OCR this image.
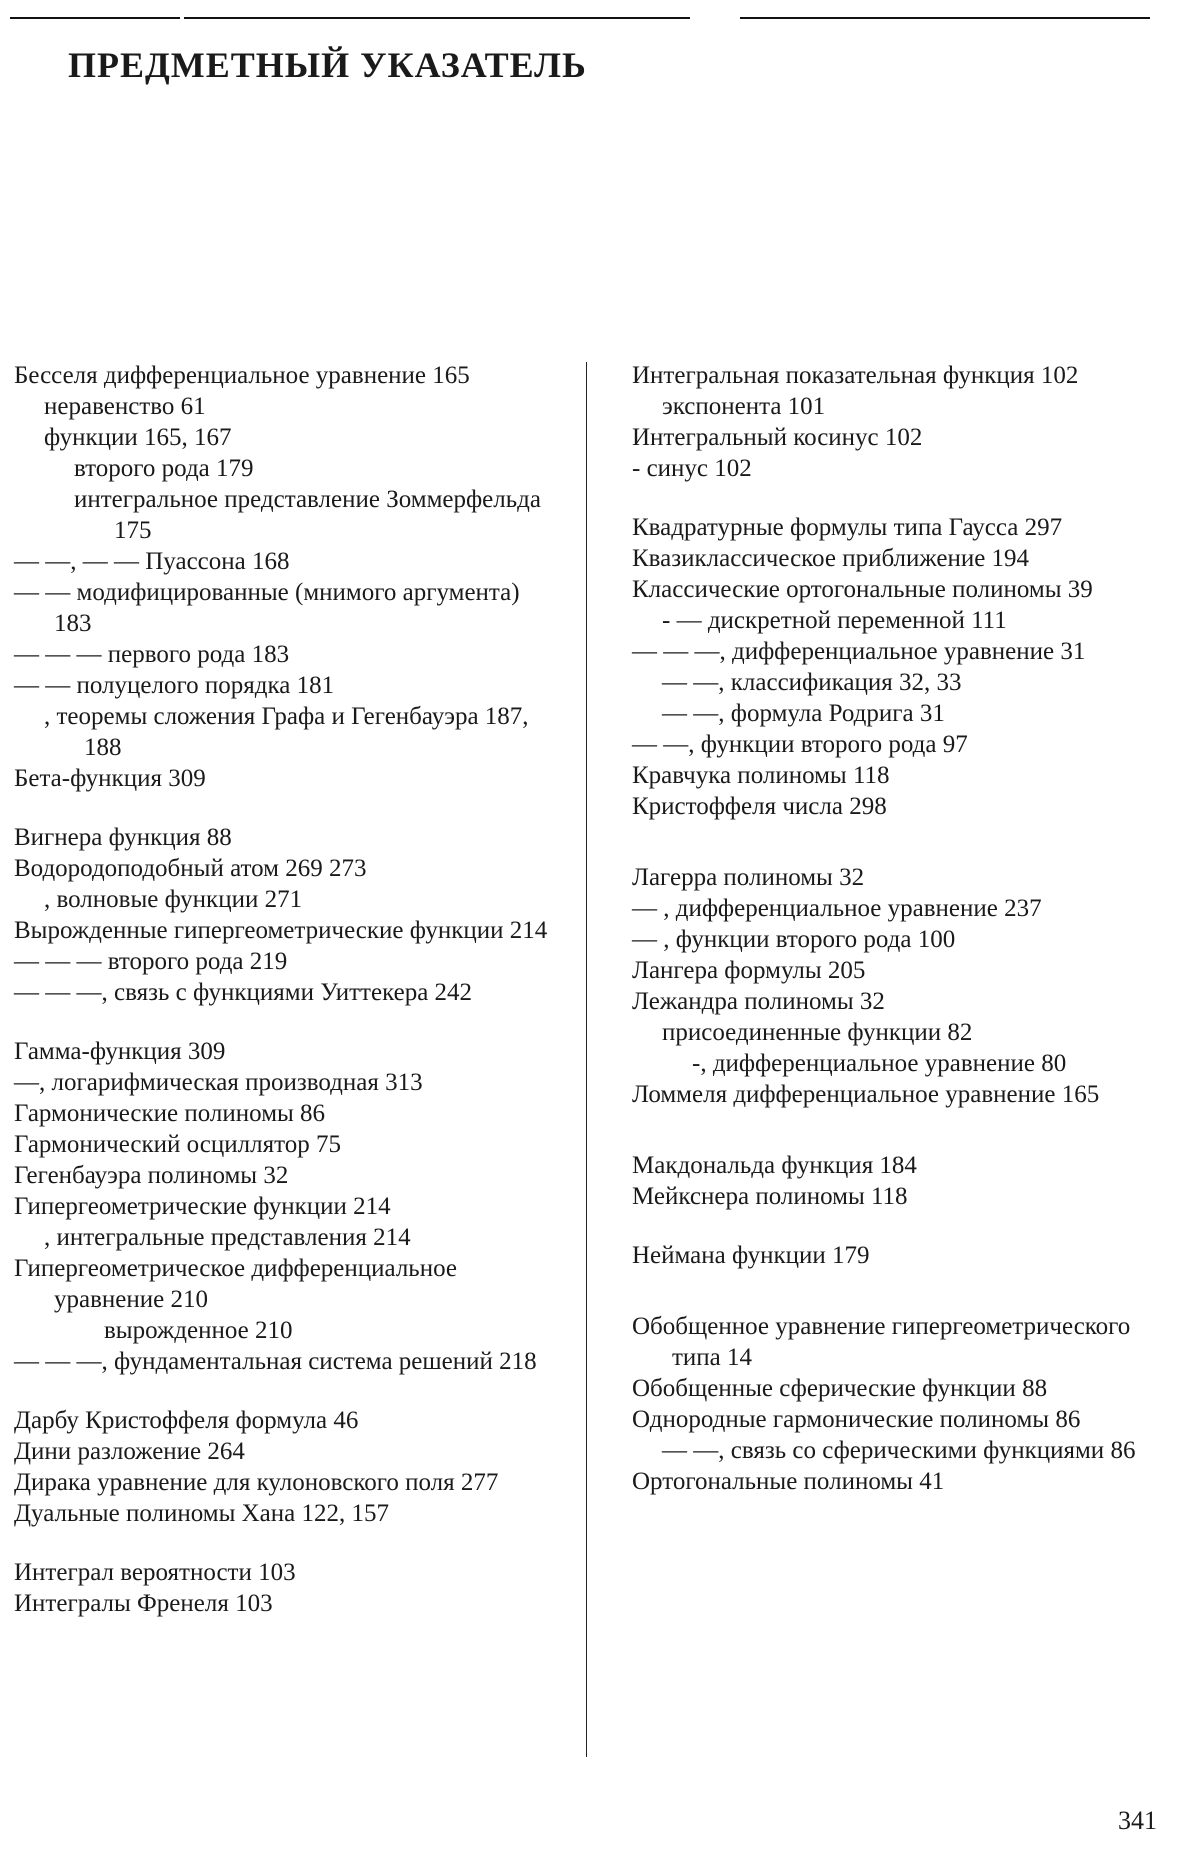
ПРЕДМЕТНЫЙ УКАЗАТЕЛЬ

Бесселя дифференциальное уравнение 165

неравенство 61

функции 165, 167

второго рода 179

интегральное представление Зоммерфельда 175

— —, — — Пуассона 168

— — модифицированные (мнимого аргумента) 183

— — — первого рода 183

— — полуцелого порядка 181

, теоремы сложения Графа и Гегенбауэра 187, 188

Бета-функция 309

Вигнера функция 88

Водородоподобный атом 269 273

, волновые функции 271

Вырожденные гипергеометрические функции 214

— — — второго рода 219

— — —, связь с функциями Уиттекера 242

Гамма-функция 309

—, логарифмическая производная 313

Гармонические полиномы 86

Гармонический осциллятор 75

Гегенбауэра полиномы 32

Гипергеометрические функции 214

, интегральные представления 214

Гипергеометрическое дифференциальное уравнение 210

вырожденное 210

— — —, фундаментальная система решений 218

Дарбу Кристоффеля формула 46

Дини разложение 264

Дирака уравнение для кулоновского поля 277

Дуальные полиномы Хана 122, 157

Интеграл вероятности 103

Интегралы Френеля 103

Интегральная показательная функция 102

экспонента 101

Интегральный косинус 102

- синус 102

Квадратурные формулы типа Гаусса 297

Квазиклассическое приближение 194

Классические ортогональные полиномы 39

- — дискретной переменной 111

— — —, дифференциальное уравнение 31

— —, классификация 32, 33

— —, формула Родрига 31

— —, функции второго рода 97

Кравчука полиномы 118

Кристоффеля числа 298

Лагерра полиномы 32

— , дифференциальное уравнение 237

— , функции второго рода 100

Лангера формулы 205

Лежандра полиномы 32

присоединенные функции 82

-, дифференциальное уравнение 80

Ломмеля дифференциальное уравнение 165

Макдональда функция 184

Мейкснера полиномы 118

Неймана функции 179

Обобщенное уравнение гипергеометрического типа 14

Обобщенные сферические функции 88

Однородные гармонические полиномы 86

— —, связь со сферическими функциями 86

Ортогональные полиномы 41

341
